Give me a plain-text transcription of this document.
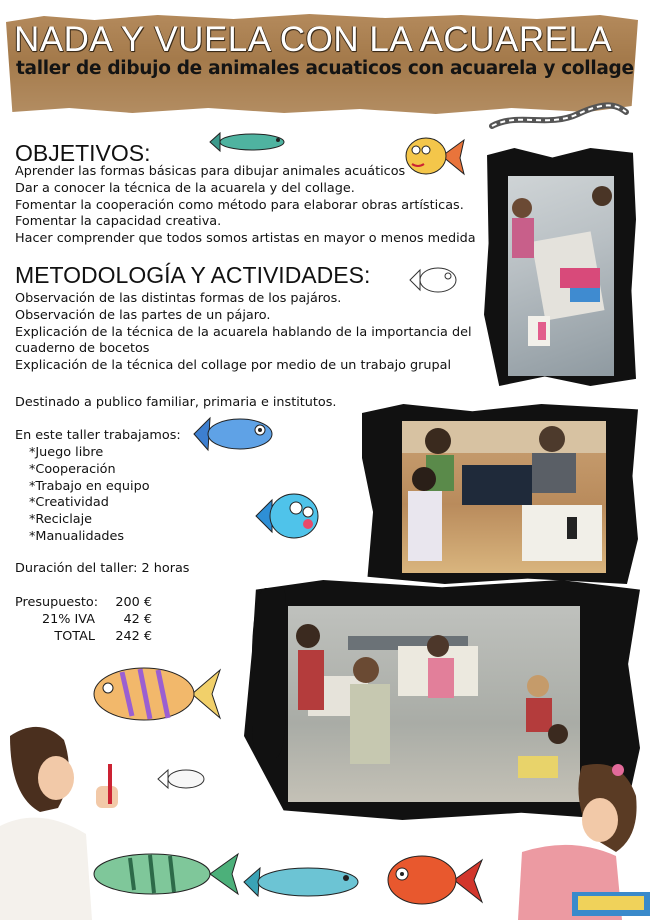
NADA Y VUELA CON LA ACUARELA
taller de dibujo de animales acuaticos con acuarela y collage
OBJETIVOS:
Aprender las formas básicas para dibujar animales acuáticos
Dar a conocer la técnica de la acuarela y del collage.
Fomentar la cooperación como método para elaborar obras artísticas.
Fomentar la capacidad creativa.
Hacer comprender que todos somos artistas en mayor o menos medida
METODOLOGÍA Y ACTIVIDADES:
Observación de las distintas formas de los pajáros.
Observación de las partes de un pájaro.
Explicación de la técnica de la acuarela hablando de la importancia del
cuaderno de bocetos
Explicación de la técnica del collage por medio de un trabajo grupal
Destinado a publico familiar, primaria e institutos.
En este taller trabajamos:
*Juego libre
*Cooperación
*Trabajo en equipo
*Creatividad
*Reciclaje
*Manualidades
Duración del taller: 2 horas
Presupuesto:	200 €
21% IVA	42 €
TOTAL	242 €
